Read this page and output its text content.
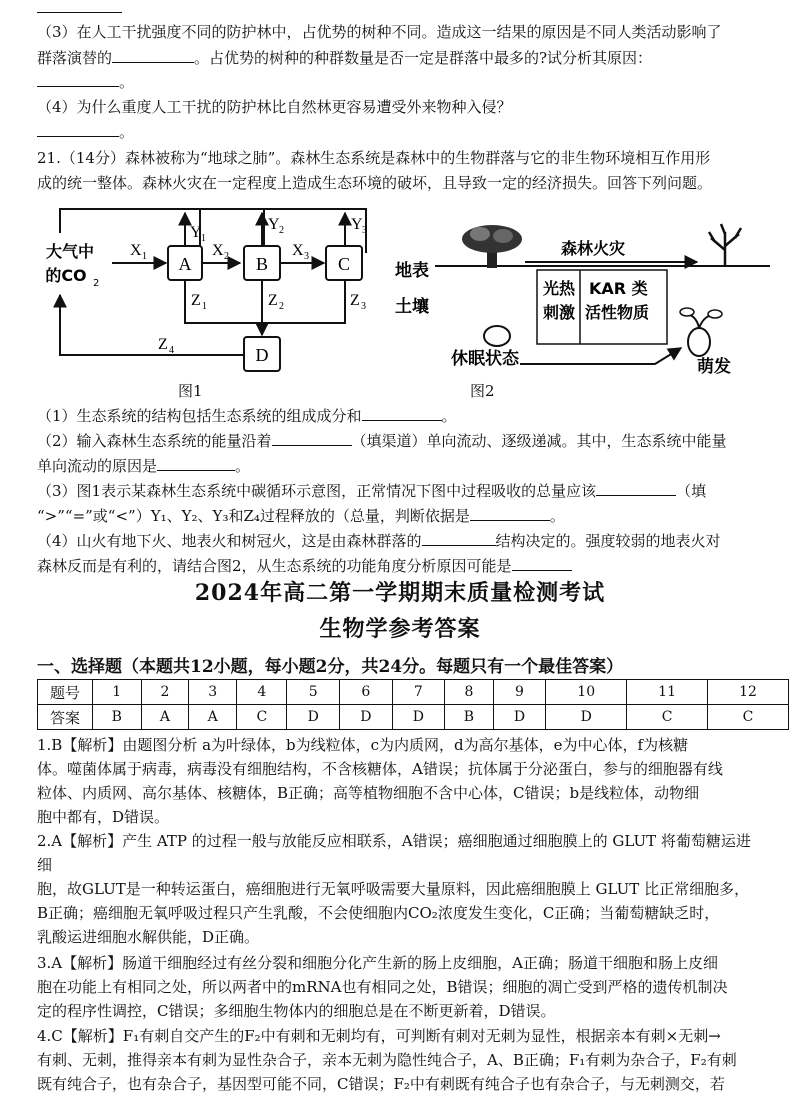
（3）在人工干扰强度不同的防护林中，占优势的树种不同。造成这一结果的原因是不同人类活动影响了
群落演替的	。占优势的树种的种群数量是否一定是群落中最多的?试分析其原因：
。
（4）为什么重度人工干扰的防护林比自然林更容易遭受外来物种入侵？
。
21.（14分）森林被称为“地球之肺”。森林生态系统是森林中的生物群落与它的非生物环境相互作用形
成的统一整体。森林火灾在一定程度上造成生态环境的破坏，且导致一定的经济损失。回答下列问题。
A	B	C
D
大气中
的CO 2
X 1	X 2	X 3
Y 1
Y 2	Y 3
Z 1	Z 2	Z 3
Z 4
图1
森林火灾
光热
刺激
KAR 类
活性物质
地表
土壤
休眠状态	萌发
图2
（1）生态系统的结构包括生态系统的组成成分和	。
（2）输入森林生态系统的能量沿着	（填渠道）单向流动、逐级递减。其中，生态系统中能量
单向流动的原因是	。
（3）图1表示某森林生态系统中碳循环示意图，正常情况下图中过程吸收的总量应该	（填
“>”“=”或“<”）Y₁、Y₂、Y₃和Z₄过程释放的（总量，判断依据是	。
（4）山火有地下火、地表火和树冠火，这是由森林群落的	结构决定的。强度较弱的地表火对
森林反而是有利的，请结合图2，从生态系统的功能角度分析原因可能是
2024年高二第一学期期末质量检测考试
生物学参考答案
一、选择题（本题共12小题，每小题2分，共24分。每题只有一个最佳答案）
题号	1	2	3	4	5	6	7	8	9	10	11	12
答案	B	A	A	C	D	D	D	B	D	D	C	C
1.B【解析】由题图分析 a为叶绿体，b为线粒体，c为内质网，d为高尔基体，e为中心体，f为核糖
体。噬菌体属于病毒，病毒没有细胞结构，不含核糖体，A错误；抗体属于分泌蛋白，参与的细胞器有线
粒体、内质网、高尔基体、核糖体，B正确；高等植物细胞不含中心体，C错误；b是线粒体，动物细
胞中都有，D错误。
2.A【解析】产生 ATP 的过程一般与放能反应相联系，A错误；癌细胞通过细胞膜上的 GLUT 将葡萄糖运进
细
胞，故GLUT是一种转运蛋白，癌细胞进行无氧呼吸需要大量原料，因此癌细胞膜上 GLUT 比正常细胞多，
B正确；癌细胞无氧呼吸过程只产生乳酸，不会使细胞内CO₂浓度发生变化，C正确；当葡萄糖缺乏时，
乳酸运进细胞水解供能，D正确。
3.A【解析】肠道干细胞经过有丝分裂和细胞分化产生新的肠上皮细胞，A正确；肠道干细胞和肠上皮细
胞在功能上有相同之处，所以两者中的mRNA也有相同之处，B错误；细胞的凋亡受到严格的遗传机制决
定的程序性调控，C错误；多细胞生物体内的细胞总是在不断更新着，D错误。
4.C【解析】F₁有刺自交产生的F₂中有刺和无刺均有，可判断有刺对无刺为显性，根据亲本有刺×无刺→
有刺、无刺，推得亲本有刺为显性杂合子，亲本无刺为隐性纯合子，A、B正确；F₁有刺为杂合子，F₂有刺
既有纯合子，也有杂合子，基因型可能不同，C错误；F₂中有刺既有纯合子也有杂合子，与无刺测交，若
